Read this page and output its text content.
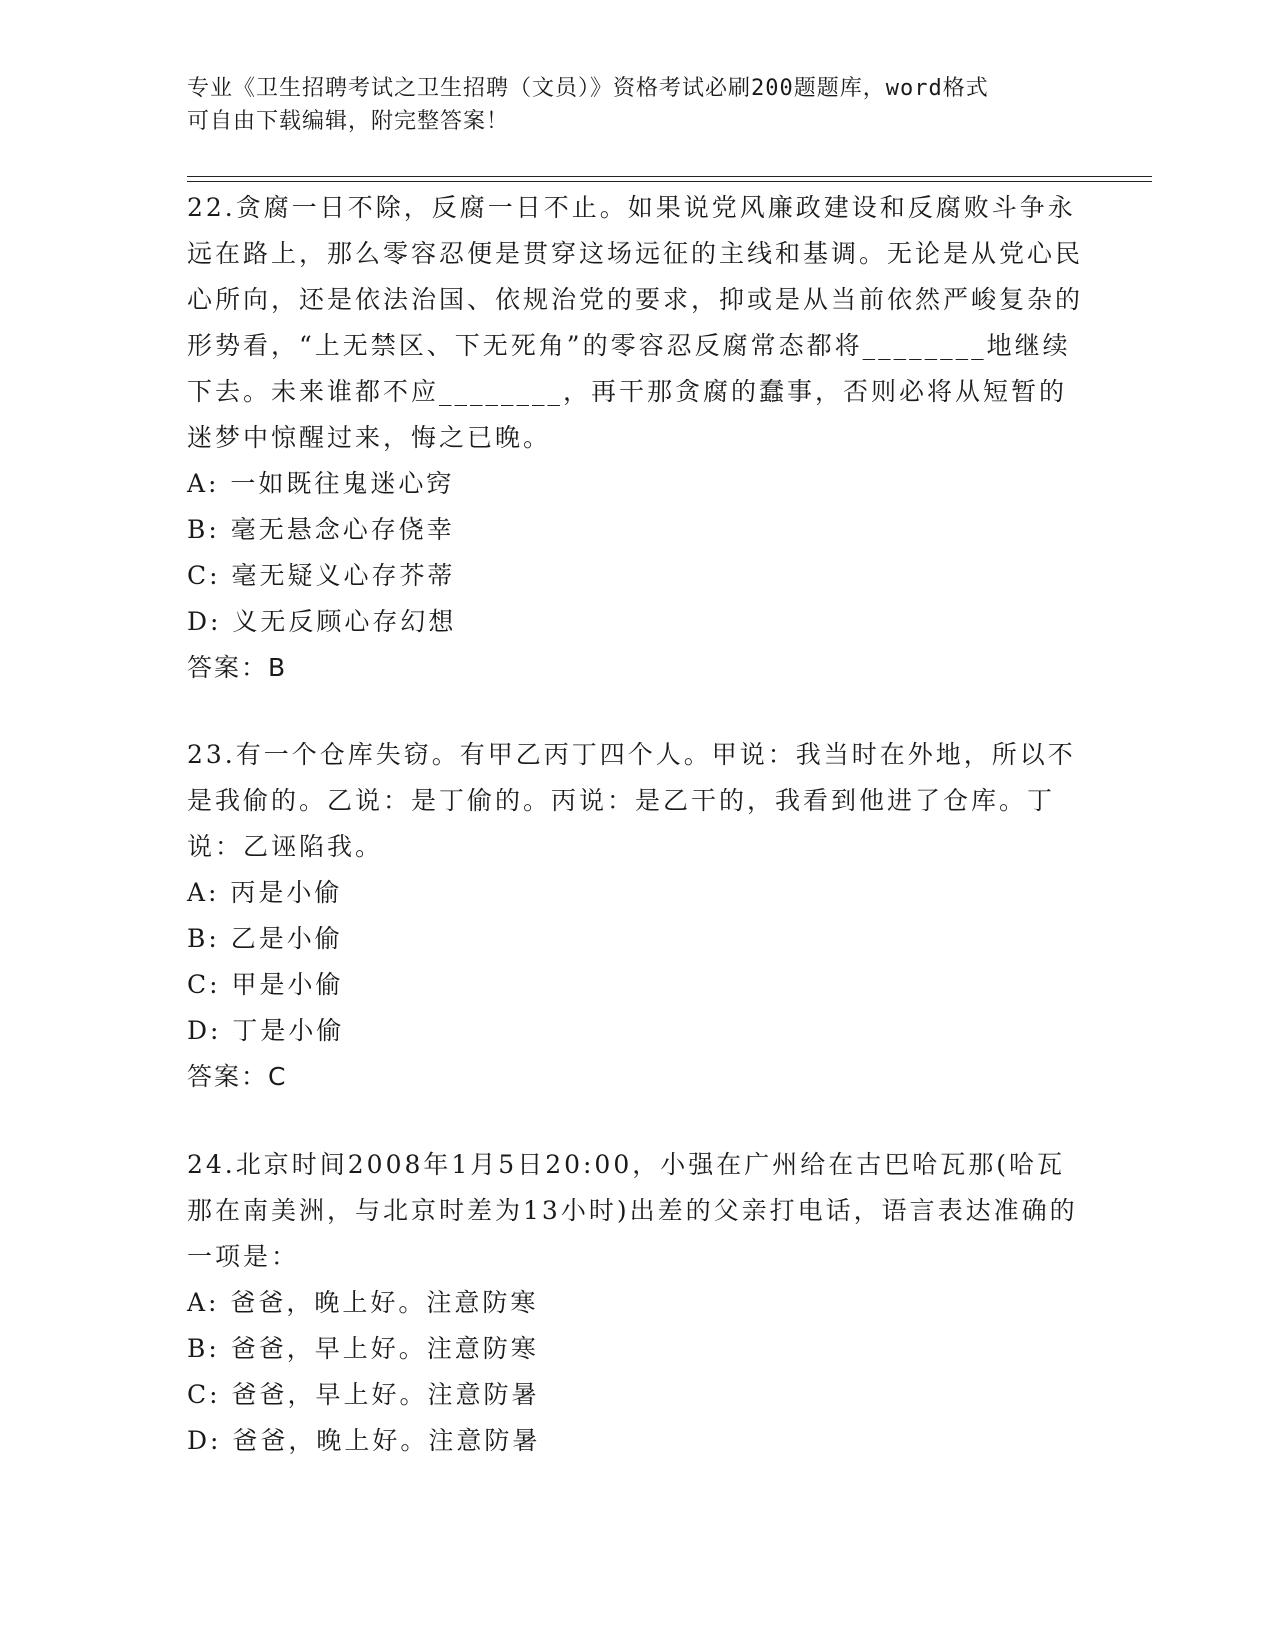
专业《卫生招聘考试之卫生招聘（文员）》资格考试必刷200题题库，word格式
可自由下载编辑，附完整答案！

22.贪腐一日不除，反腐一日不止。如果说党风廉政建设和反腐败斗争永远在路上，那么零容忍便是贯穿这场远征的主线和基调。无论是从党心民心所向，还是依法治国、依规治党的要求，抑或是从当前依然严峻复杂的形势看，“上无禁区、下无死角”的零容忍反腐常态都将________地继续下去。未来谁都不应________，再干那贪腐的蠢事，否则必将从短暂的迷梦中惊醒过来，悔之已晚。

A: 一如既往鬼迷心窍

B: 毫无悬念心存侥幸

C: 毫无疑义心存芥蒂

D: 义无反顾心存幻想

答案：B

23.有一个仓库失窃。有甲乙丙丁四个人。甲说：我当时在外地，所以不是我偷的。乙说：是丁偷的。丙说：是乙干的，我看到他进了仓库。丁说：乙诬陷我。

A: 丙是小偷

B: 乙是小偷

C: 甲是小偷

D: 丁是小偷

答案：C

24.北京时间2008年1月5日20:00，小强在广州给在古巴哈瓦那(哈瓦那在南美洲，与北京时差为13小时)出差的父亲打电话，语言表达准确的一项是：

A: 爸爸，晚上好。注意防寒

B: 爸爸，早上好。注意防寒

C: 爸爸，早上好。注意防暑

D: 爸爸，晚上好。注意防暑
